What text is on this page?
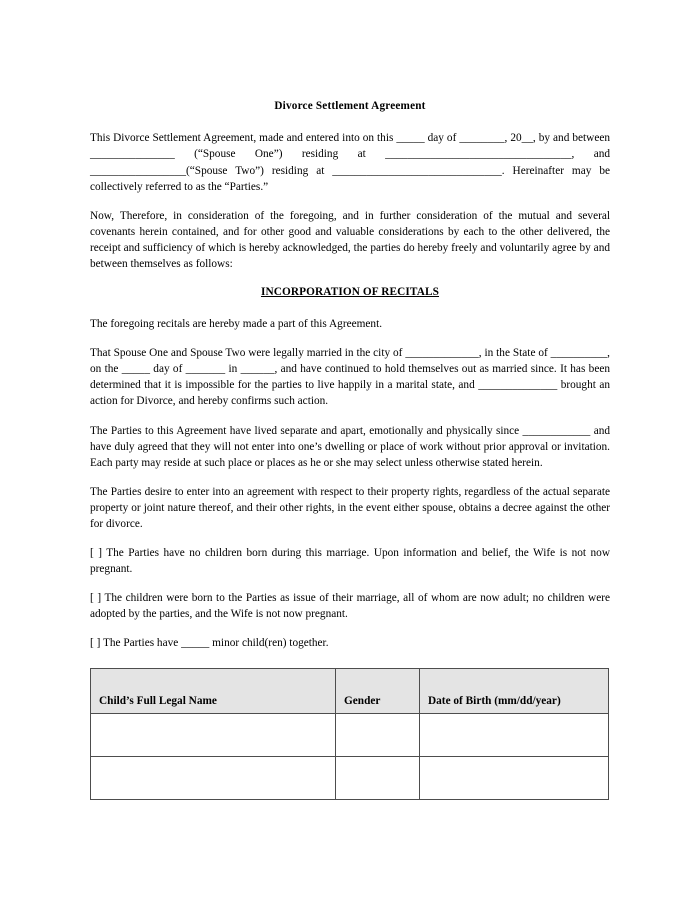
Divorce Settlement Agreement

This Divorce Settlement Agreement, made and entered into on this _____ day of ________, 20__, by and between _______________ (“Spouse One”) residing at _________________________________, and _________________(“Spouse Two”) residing at ______________________________. Hereinafter may be collectively referred to as the “Parties.”

Now, Therefore, in consideration of the foregoing, and in further consideration of the mutual and several covenants herein contained, and for other good and valuable considerations by each to the other delivered, the receipt and sufficiency of which is hereby acknowledged, the parties do hereby freely and voluntarily agree by and between themselves as follows:

INCORPORATION OF RECITALS

The foregoing recitals are hereby made a part of this Agreement.

That Spouse One and Spouse Two were legally married in the city of _____________, in the State of __________, on the _____ day of _______ in ______, and have continued to hold themselves out as married since. It has been determined that it is impossible for the parties to live happily in a marital state, and ______________ brought an action for Divorce, and hereby confirms such action.

The Parties to this Agreement have lived separate and apart, emotionally and physically since ____________ and have duly agreed that they will not enter into one’s dwelling or place of work without prior approval or invitation. Each party may reside at such place or places as he or she may select unless otherwise stated herein.

The Parties desire to enter into an agreement with respect to their property rights, regardless of the actual separate property or joint nature thereof, and their other rights, in the event either spouse, obtains a decree against the other for divorce.

[ ] The Parties have no children born during this marriage. Upon information and belief, the Wife is not now pregnant.

[ ] The children were born to the Parties as issue of their marriage, all of whom are now adult; no children were adopted by the parties, and the Wife is not now pregnant.

[ ] The Parties have _____ minor child(ren) together.

Child’s Full Legal Name	Gender	Date of Birth (mm/dd/year)
